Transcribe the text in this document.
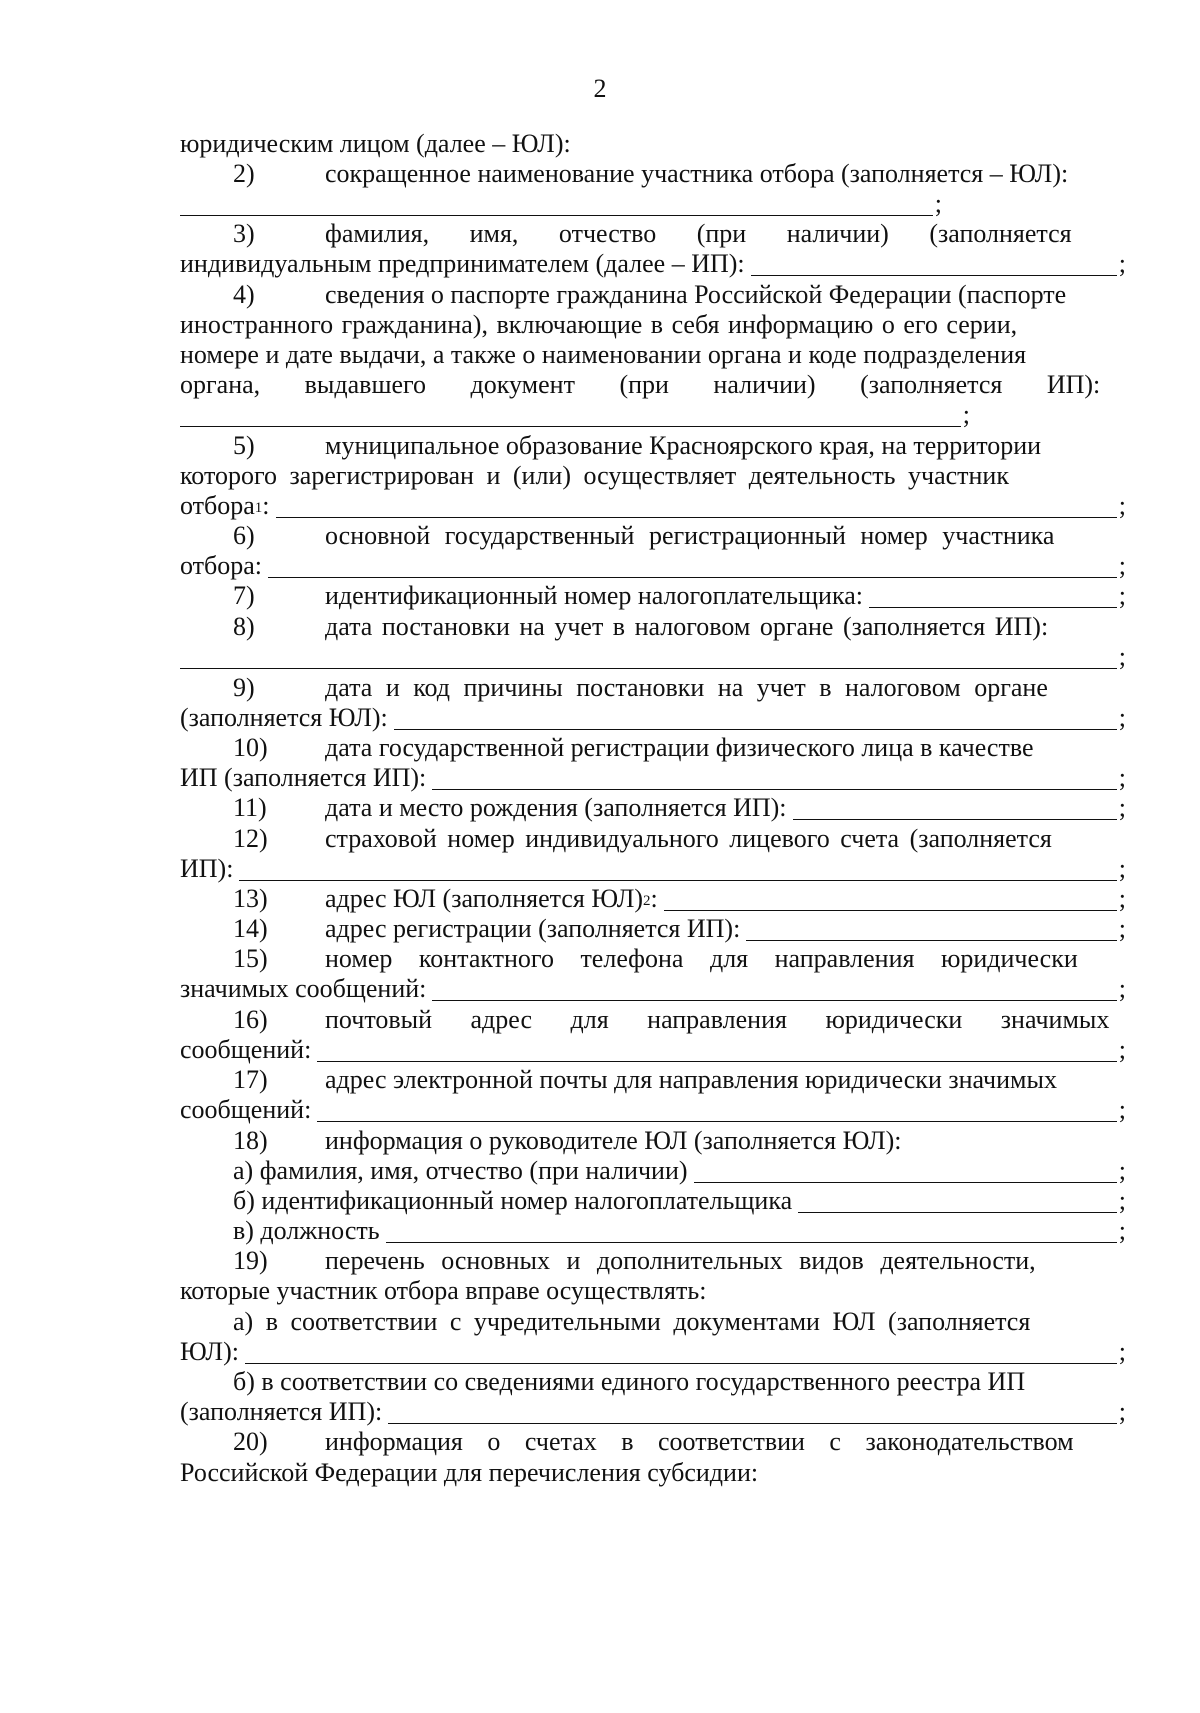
2
юридическим лицом (далее – ЮЛ):
2)	сокращенное наименование участника отбора (заполняется – ЮЛ):
;
3)	фамилия, имя, отчество (при наличии) (заполняется
индивидуальным предпринимателем (далее – ИП):	;
4)	сведения о паспорте гражданина Российской Федерации (паспорте
иностранного гражданина), включающие в себя информацию о его серии,
номере и дате выдачи, а также о наименовании органа и коде подразделения
органа, выдавшего документ (при наличии) (заполняется ИП):
;
5)	муниципальное образование Красноярского края, на территории
которого зарегистрирован и (или) осуществляет деятельность участник
отбора$^1$ :	;
6)	основной государственный регистрационный номер участника
отбора:	;
7)	идентификационный номер налогоплательщика:	;
8)	дата постановки на учет в налоговом органе (заполняется ИП):
;
9)	дата и код причины постановки на учет в налоговом органе
(заполняется ЮЛ):	;
10)	дата государственной регистрации физического лица в качестве
ИП (заполняется ИП):	;
11)	дата и место рождения (заполняется ИП):	;
12)	страховой номер индивидуального лицевого счета (заполняется
ИП):	;
13)	адрес ЮЛ (заполняется ЮЛ)$^2$ :	;
14)	адрес регистрации (заполняется ИП):	;
15)	номер контактного телефона для направления юридически
значимых сообщений:	;
16)	почтовый адрес для направления юридически значимых
сообщений:	;
17)	адрес электронной почты для направления юридически значимых
сообщений:	;
18)	информация о руководителе ЮЛ (заполняется ЮЛ):
а) фамилия, имя, отчество (при наличии)	;
б) идентификационный номер налогоплательщика	;
в) должность	;
19)	перечень основных и дополнительных видов деятельности,
которые участник отбора вправе осуществлять:
а) в соответствии с учредительными документами ЮЛ (заполняется
ЮЛ):	;
б) в соответствии со сведениями единого государственного реестра ИП
(заполняется ИП):	;
20)	информация о счетах в соответствии с законодательством
Российской Федерации для перечисления субсидии:
